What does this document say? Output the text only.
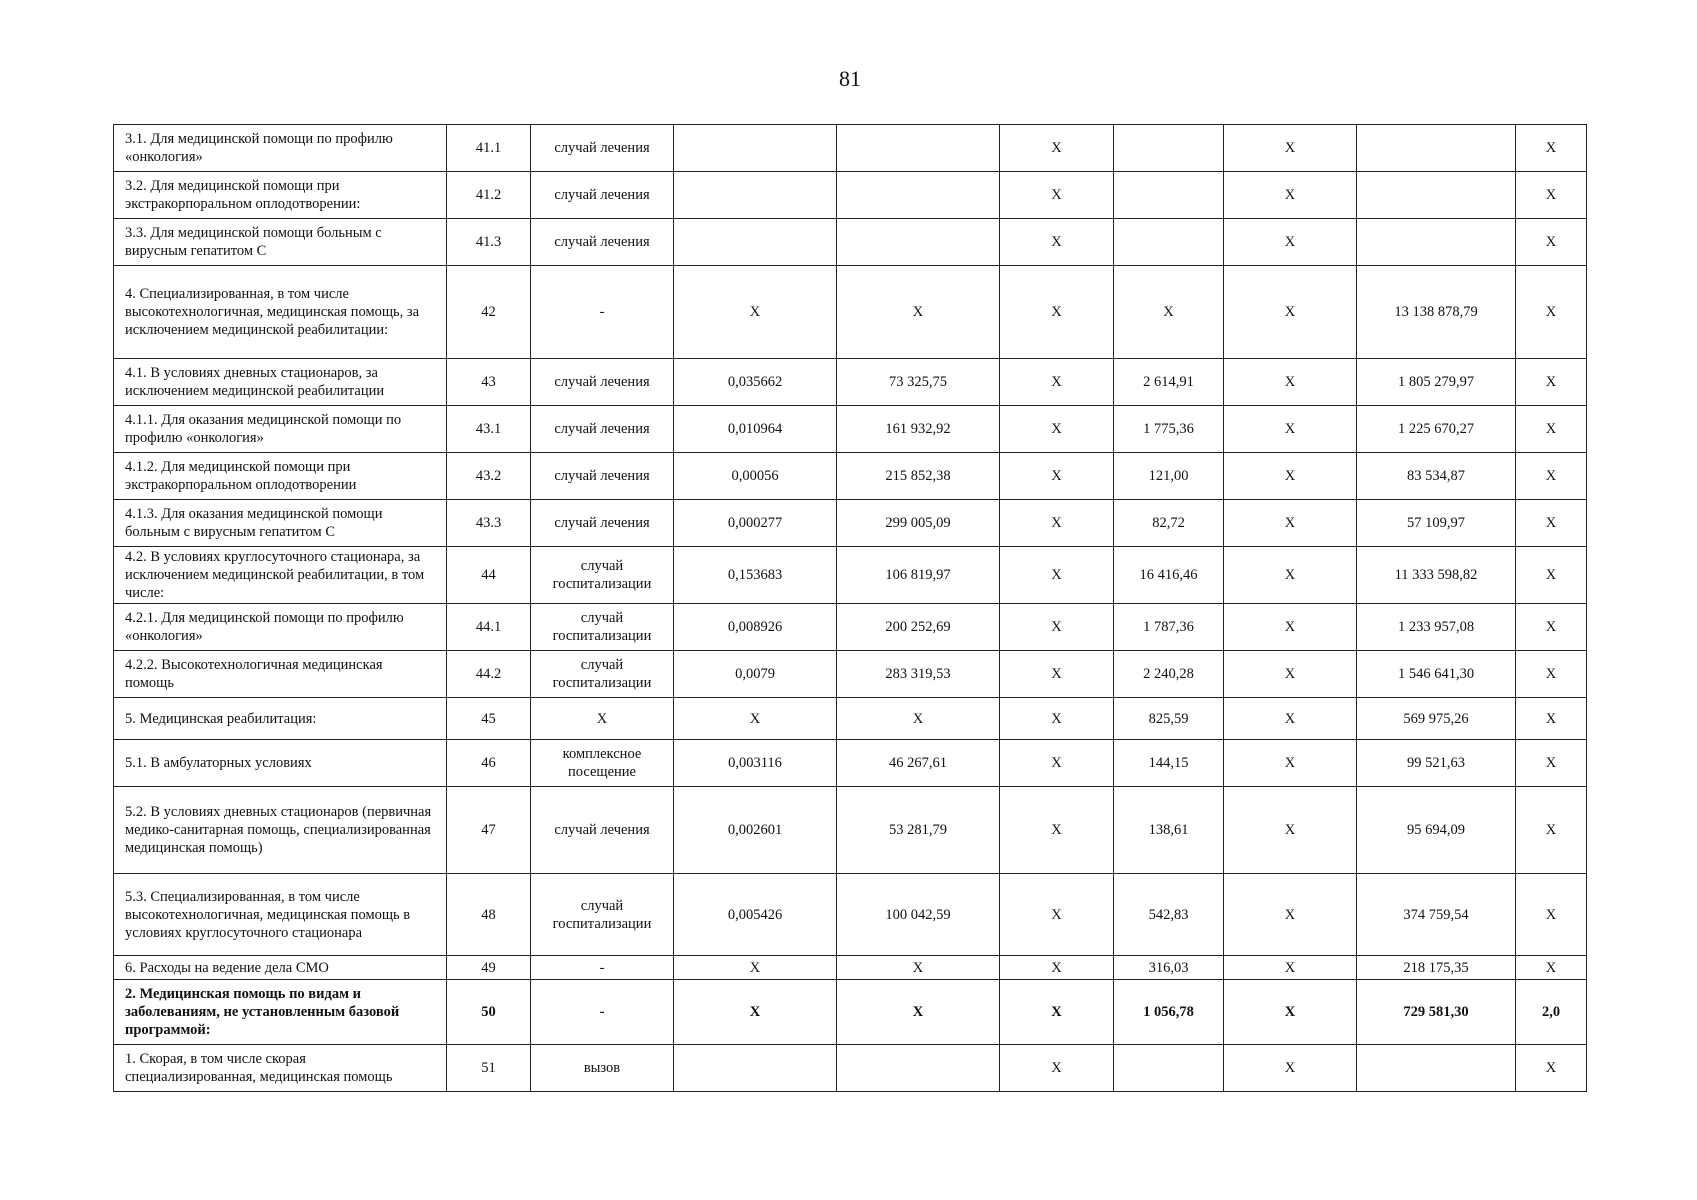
81
3.1. Для медицинской помощи по профилю «онкология»	41.1	случай лечения			Х		Х		Х
3.2. Для медицинской помощи при экстракорпоральном оплодотворении:	41.2	случай лечения			Х		Х		Х
3.3. Для медицинской помощи больным с вирусным гепатитом С	41.3	случай лечения			Х		Х		Х
4. Специализированная, в том числе высокотехнологичная, медицинская помощь, за исключением медицинской реабилитации:	42	-	Х	Х	Х	Х	Х	13 138 878,79	Х
4.1. В условиях дневных стационаров, за исключением медицинской реабилитации	43	случай лечения	0,035662	73 325,75	Х	2 614,91	Х	1 805 279,97	Х
4.1.1. Для оказания медицинской помощи по профилю «онкология»	43.1	случай лечения	0,010964	161 932,92	Х	1 775,36	Х	1 225 670,27	Х
4.1.2. Для медицинской помощи при экстракорпоральном оплодотворении	43.2	случай лечения	0,00056	215 852,38	Х	121,00	Х	83 534,87	Х
4.1.3. Для оказания медицинской помощи больным с вирусным гепатитом С	43.3	случай лечения	0,000277	299 005,09	Х	82,72	Х	57 109,97	Х
4.2. В условиях круглосуточного стационара, за исключением медицинской реабилитации, в том числе:	44	случай госпитализации	0,153683	106 819,97	Х	16 416,46	Х	11 333 598,82	Х
4.2.1. Для медицинской помощи по профилю «онкология»	44.1	случай госпитализации	0,008926	200 252,69	Х	1 787,36	Х	1 233 957,08	Х
4.2.2. Высокотехнологичная медицинская помощь	44.2	случай госпитализации	0,0079	283 319,53	Х	2 240,28	Х	1 546 641,30	Х
5. Медицинская реабилитация:	45	Х	Х	Х	Х	825,59	Х	569 975,26	Х
5.1. В амбулаторных условиях	46	комплексное посещение	0,003116	46 267,61	Х	144,15	Х	99 521,63	Х
5.2. В условиях дневных стационаров (первичная медико-санитарная помощь, специализированная медицинская помощь)	47	случай лечения	0,002601	53 281,79	Х	138,61	Х	95 694,09	Х
5.3. Специализированная, в том числе высокотехнологичная, медицинская помощь в условиях круглосуточного стационара	48	случай госпитализации	0,005426	100 042,59	Х	542,83	Х	374 759,54	Х
6. Расходы на ведение дела СМО	49	-	Х	Х	Х	316,03	Х	218 175,35	Х
2. Медицинская помощь по видам и заболеваниям, не установленным базовой программой:	50	-	Х	Х	Х	1 056,78	Х	729 581,30	2,0
1. Скорая, в том числе скорая специализированная, медицинская помощь	51	вызов			Х		Х		Х
